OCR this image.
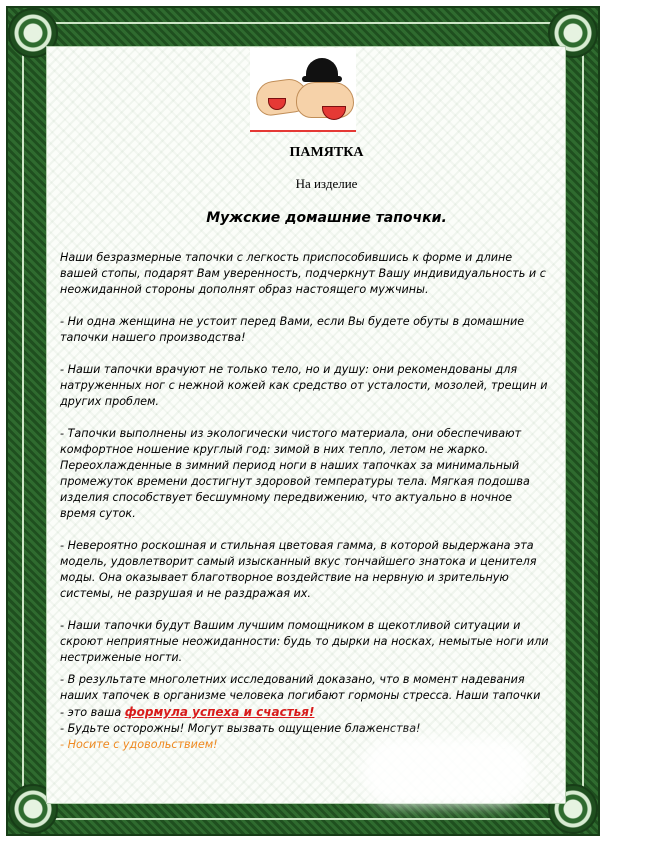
ПАМЯТКА
На изделие
Мужские домашние тапочки.

Наши безразмерные тапочки с легкость приспособившись к форме и длине вашей стопы, подарят Вам уверенность, подчеркнут Вашу индивидуальность и с неожиданной стороны дополнят образ настоящего мужчины.

- Ни одна женщина не устоит перед Вами, если Вы будете обуты в домашние тапочки нашего производства!

- Наши тапочки врачуют не только тело, но и душу: они рекомендованы для натруженных ног с нежной кожей как средство от усталости, мозолей, трещин и других проблем.

- Тапочки выполнены из экологически чистого материала, они обеспечивают комфортное ношение круглый год: зимой в них тепло, летом не жарко. Переохлажденные в зимний период ноги в наших тапочках за минимальный промежуток времени достигнут здоровой температуры тела. Мягкая подошва изделия способствует бесшумному передвижению, что актуально в ночное время суток.

- Невероятно роскошная и стильная цветовая гамма, в которой выдержана эта модель, удовлетворит самый изысканный вкус тончайшего знатока и ценителя моды. Она оказывает благотворное воздействие на нервную и зрительную системы, не разрушая и не раздражая их.

- Наши тапочки будут Вашим лучшим помощником в щекотливой ситуации и скроют неприятные неожиданности: будь то дырки на носках, немытые ноги или нестриженые ногти.

- В результате многолетних исследований доказано, что в момент надевания наших тапочек в организме человека погибают гормоны стресса. Наши тапочки

- это ваша формула успеха и счастья!

- Будьте осторожны! Могут вызвать ощущение блаженства!

- Носите с удовольствием!
